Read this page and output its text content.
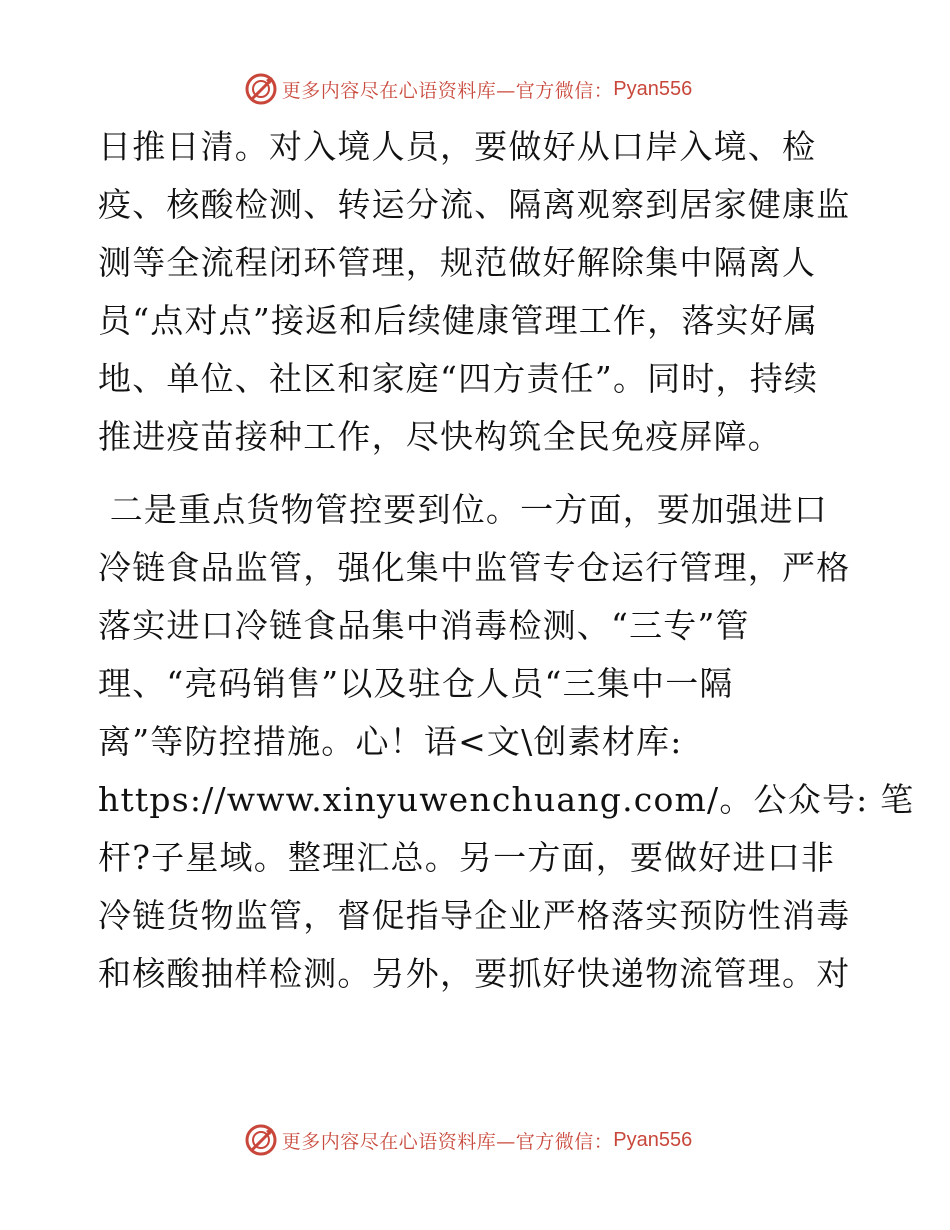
更多内容尽在心语资料库—官方微信： Pyan556
日推日清。对入境人员，要做好从口岸入境、检
疫、核酸检测、转运分流、隔离观察到居家健康监
测等全流程闭环管理，规范做好解除集中隔离人
员“点对点”接返和后续健康管理工作，落实好属
地、单位、社区和家庭“四方责任”。同时，持续
推进疫苗接种工作，尽快构筑全民免疫屏障。
二是重点货物管控要到位。一方面，要加强进口
冷链食品监管，强化集中监管专仓运行管理，严格
落实进口冷链食品集中消毒检测、“三专”管
理、“亮码销售”以及驻仓人员“三集中一隔
离”等防控措施。心！语<文\创素材库:
https://www.xinyuwenchuang.com/。公众号: 笔
杆?子星域。整理汇总。另一方面，要做好进口非
冷链货物监管，督促指导企业严格落实预防性消毒
和核酸抽样检测。另外，要抓好快递物流管理。对
更多内容尽在心语资料库—官方微信： Pyan556
